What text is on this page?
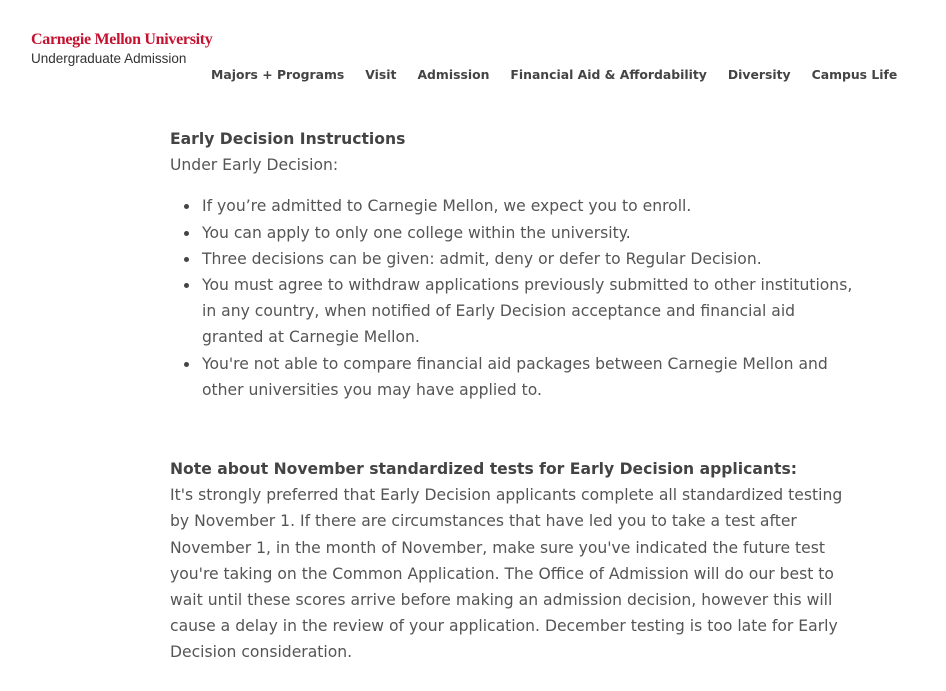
Carnegie Mellon University
Undergraduate Admission
Majors + Programs Visit Admission Financial Aid & Affordability Diversity Campus Life

Early Decision Instructions

Under Early Decision:

If you’re admitted to Carnegie Mellon, we expect you to enroll.
You can apply to only one college within the university.
Three decisions can be given: admit, deny or defer to Regular Decision.
You must agree to withdraw applications previously submitted to other institutions, in any country, when notified of Early Decision acceptance and financial aid granted at Carnegie Mellon.
You're not able to compare financial aid packages between Carnegie Mellon and other universities you may have applied to.

Note about November standardized tests for Early Decision applicants:

It's strongly preferred that Early Decision applicants complete all standardized testing by November 1. If there are circumstances that have led you to take a test after November 1, in the month of November, make sure you've indicated the future test you're taking on the Common Application. The Office of Admission will do our best to wait until these scores arrive before making an admission decision, however this will cause a delay in the review of your application. December testing is too late for Early Decision consideration.
